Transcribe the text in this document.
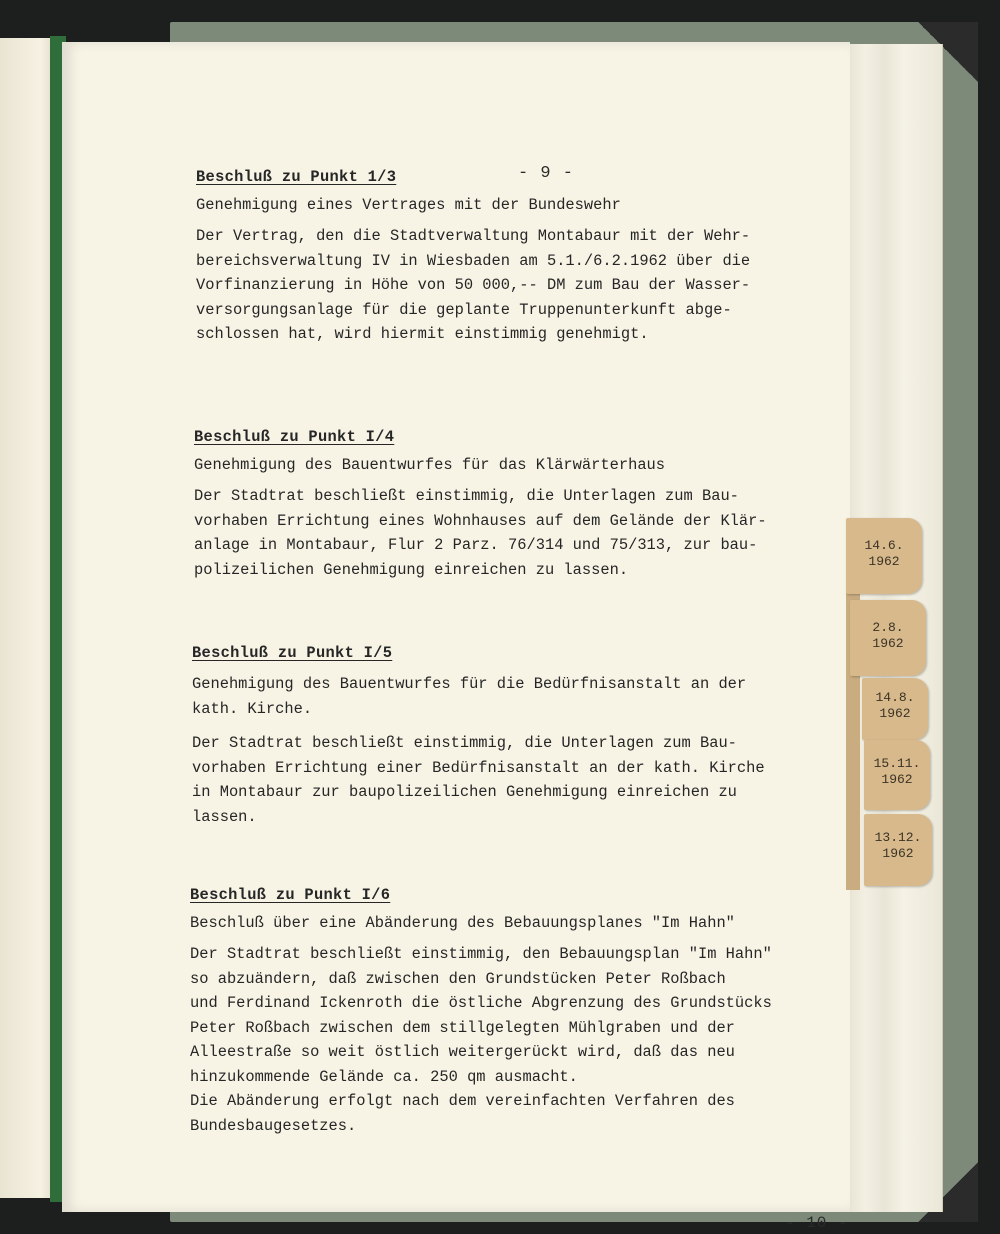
- 9 -

Beschluß zu Punkt 1/3

Genehmigung eines Vertrages mit der Bundeswehr

Der Vertrag, den die Stadtverwaltung Montabaur mit der Wehr-

bereichsverwaltung IV in Wiesbaden am 5.1./6.2.1962 über die

Vorfinanzierung in Höhe von 50 000,-- DM zum Bau der Wasser-

versorgungsanlage für die geplante Truppenunterkunft abge-

schlossen hat, wird hiermit einstimmig genehmigt.

Beschluß zu Punkt I/4

Genehmigung des Bauentwurfes für das Klärwärterhaus

Der Stadtrat beschließt einstimmig, die Unterlagen zum Bau-

vorhaben Errichtung eines Wohnhauses auf dem Gelände der Klär-

anlage in Montabaur, Flur 2 Parz. 76/314 und 75/313, zur bau-

polizeilichen Genehmigung einreichen zu lassen.

Beschluß zu Punkt I/5

Genehmigung des Bauentwurfes für die Bedürfnisanstalt an der

kath. Kirche.

Der Stadtrat beschließt einstimmig, die Unterlagen zum Bau-

vorhaben Errichtung einer Bedürfnisanstalt an der kath. Kirche

in Montabaur zur baupolizeilichen Genehmigung einreichen zu

lassen.

Beschluß zu Punkt I/6

Beschluß über eine Abänderung des Bebauungsplanes "Im Hahn"

Der Stadtrat beschließt einstimmig, den Bebauungsplan "Im Hahn"

so abzuändern, daß zwischen den Grundstücken Peter Roßbach

und Ferdinand Ickenroth die östliche Abgrenzung des Grundstücks

Peter Roßbach zwischen dem stillgelegten Mühlgraben und der

Alleestraße so weit östlich weitergerückt wird, daß das neu

hinzukommende Gelände ca. 250 qm ausmacht.

Die Abänderung erfolgt nach dem vereinfachten Verfahren des

Bundesbaugesetzes.

- 10 -
14.6.
1962
2.8.
1962
14.8.
1962
15.11.
1962
13.12.
1962
